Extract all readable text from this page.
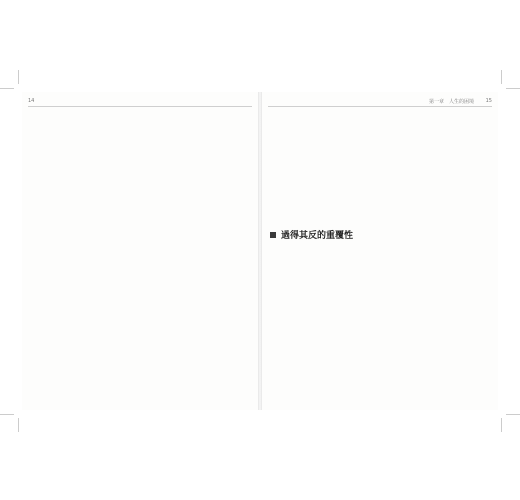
14	第一章　人生的困境 15
過得其反的重覆性
